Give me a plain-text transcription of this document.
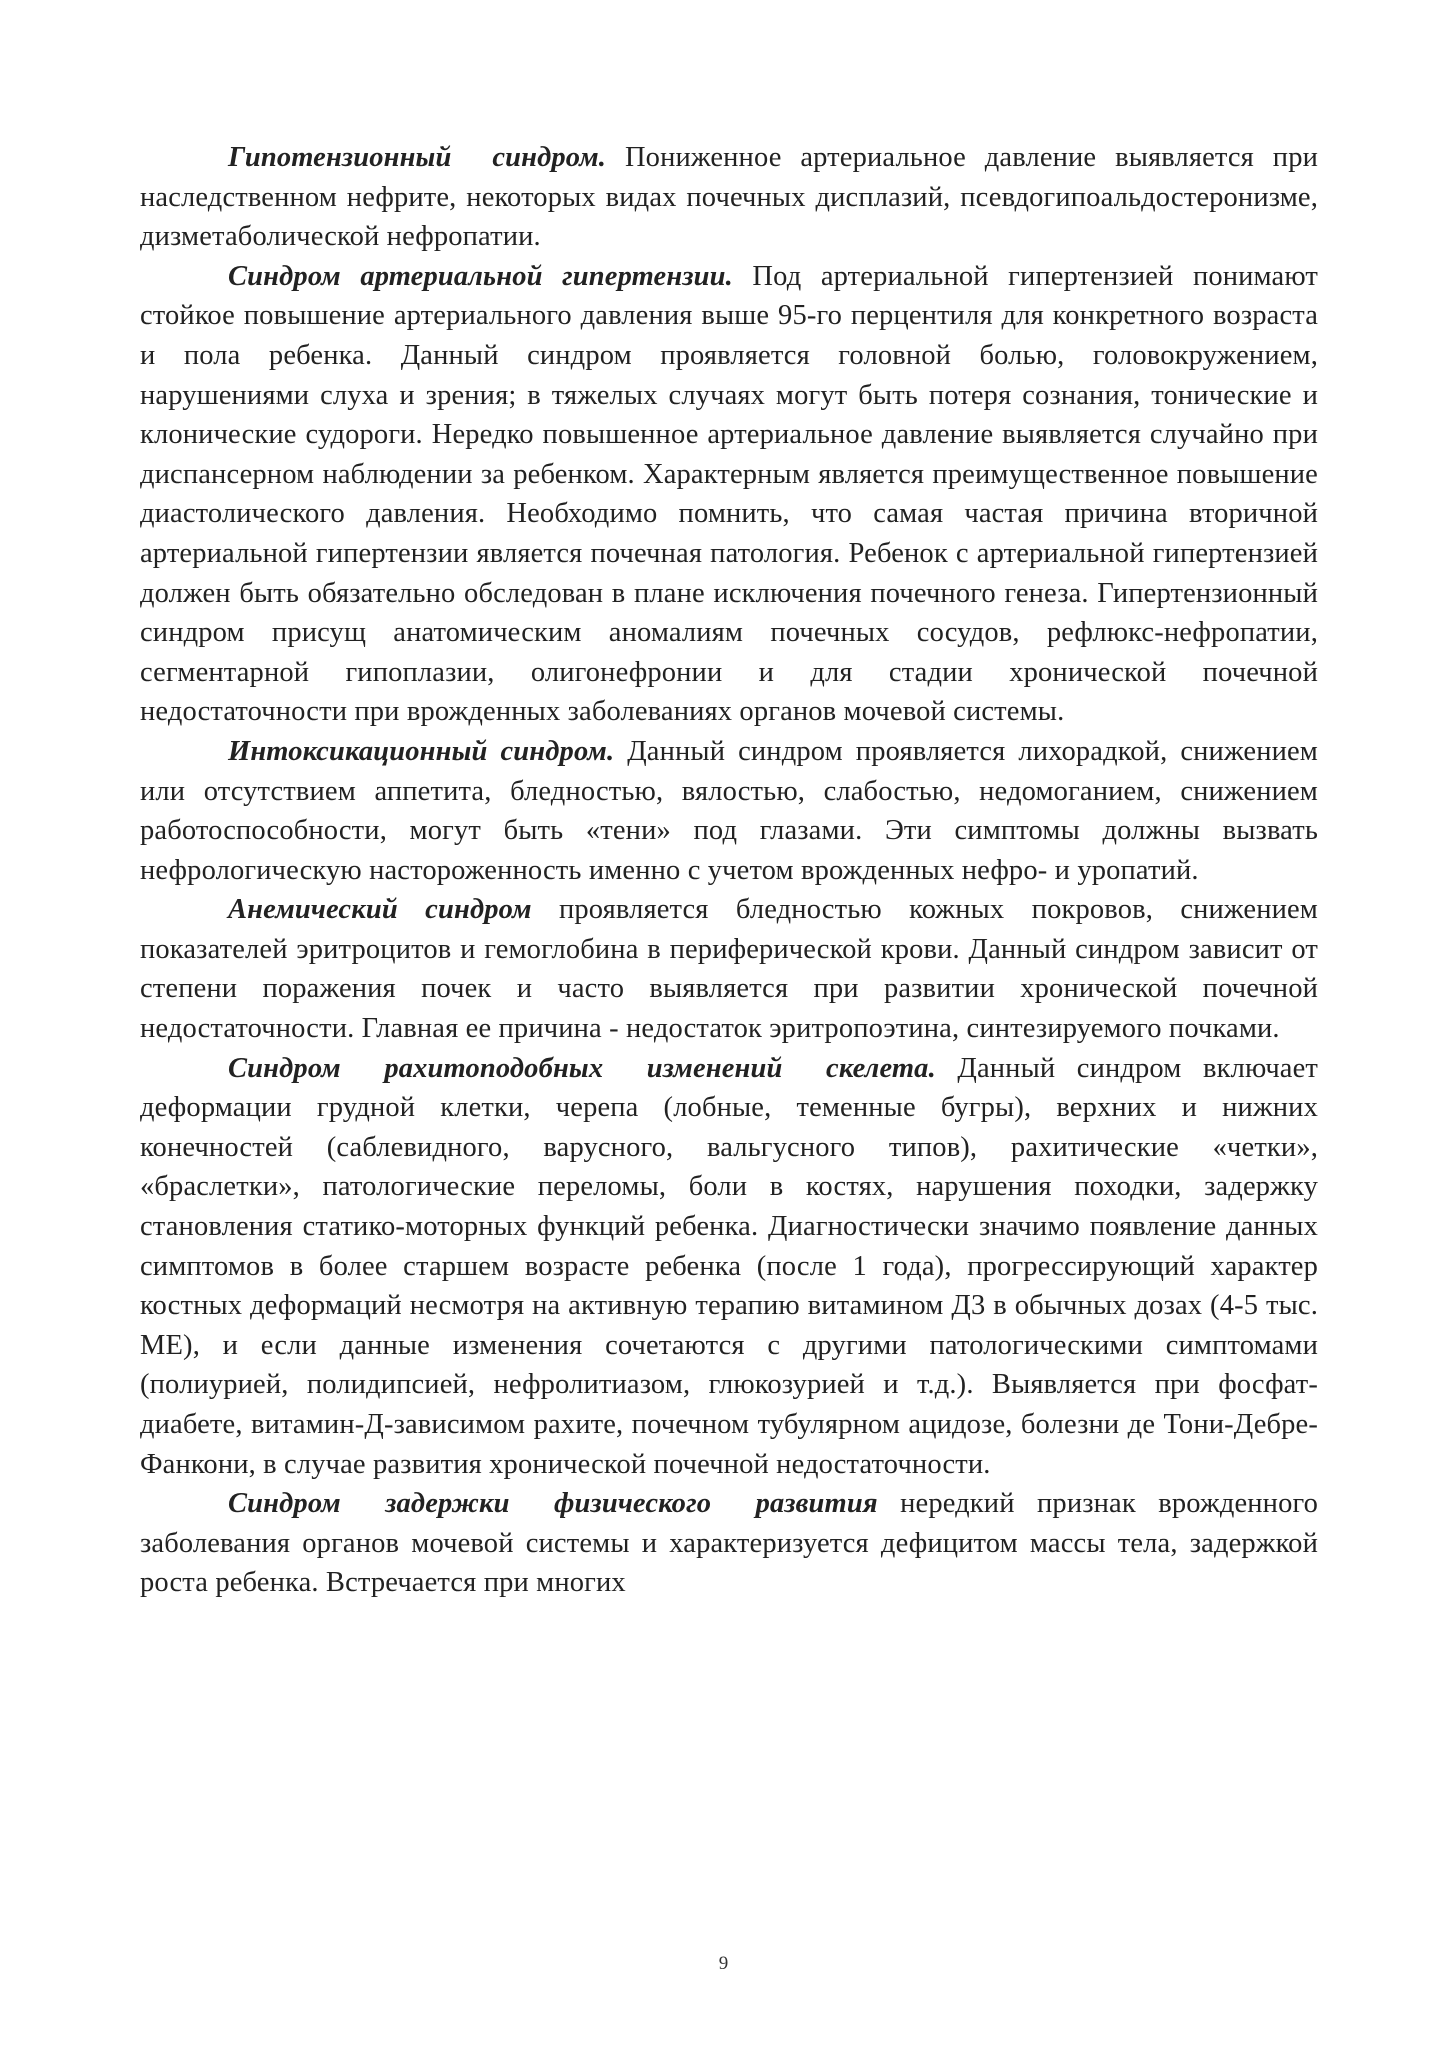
Гипотензионный синдром. Пониженное артериальное давление выявляется при наследственном нефрите, некоторых видах почечных дисплазий, псевдогипоальдостеронизме, дизметаболической нефропатии.

Синдром артериальной гипертензии. Под артериальной гипертензией понимают стойкое повышение артериального давления выше 95-го перцентиля для конкретного возраста и пола ребенка. Данный синдром проявляется головной болью, головокружением, нарушениями слуха и зрения; в тяжелых случаях могут быть потеря сознания, тонические и клонические судороги. Нередко повышенное артериальное давление выявляется случайно при диспансерном наблюдении за ребенком. Характерным является преимущественное повышение диастолического давления. Необходимо помнить, что самая частая причина вторичной артериальной гипертензии является почечная патология. Ребенок с артериальной гипертензией должен быть обязательно обследован в плане исключения почечного генеза. Гипертензионный синдром присущ анатомическим аномалиям почечных сосудов, рефлюкс-нефропатии, сегментарной гипоплазии, олигонефронии и для стадии хронической почечной недостаточности при врожденных заболеваниях органов мочевой системы.

Интоксикационный синдром. Данный синдром проявляется лихорадкой, снижением или отсутствием аппетита, бледностью, вялостью, слабостью, недомоганием, снижением работоспособности, могут быть «тени» под глазами. Эти симптомы должны вызвать нефрологическую настороженность именно с учетом врожденных нефро- и уропатий.

Анемический синдром проявляется бледностью кожных покровов, снижением показателей эритроцитов и гемоглобина в периферической крови. Данный синдром зависит от степени поражения почек и часто выявляется при развитии хронической почечной недостаточности. Главная ее причина - недостаток эритропоэтина, синтезируемого почками.

Синдром рахитоподобных изменений скелета. Данный синдром включает деформации грудной клетки, черепа (лобные, теменные бугры), верхних и нижних конечностей (саблевидного, варусного, вальгусного типов), рахитические «четки», «браслетки», патологические переломы, боли в костях, нарушения походки, задержку становления статико-моторных функций ребенка. Диагностически значимо появление данных симптомов в более старшем возрасте ребенка (после 1 года), прогрессирующий характер костных деформаций несмотря на активную терапию витамином Д3 в обычных дозах (4-5 тыс. МЕ), и если данные изменения сочетаются с другими патологическими симптомами (полиурией, полидипсией, нефролитиазом, глюкозурией и т.д.). Выявляется при фосфат-диабете, витамин-Д-зависимом рахите, почечном тубулярном ацидозе, болезни де Тони-Дебре-Фанкони, в случае развития хронической почечной недостаточности.

Синдром задержки физического развития нередкий признак врожденного заболевания органов мочевой системы и характеризуется дефицитом массы тела, задержкой роста ребенка. Встречается при многих

9
